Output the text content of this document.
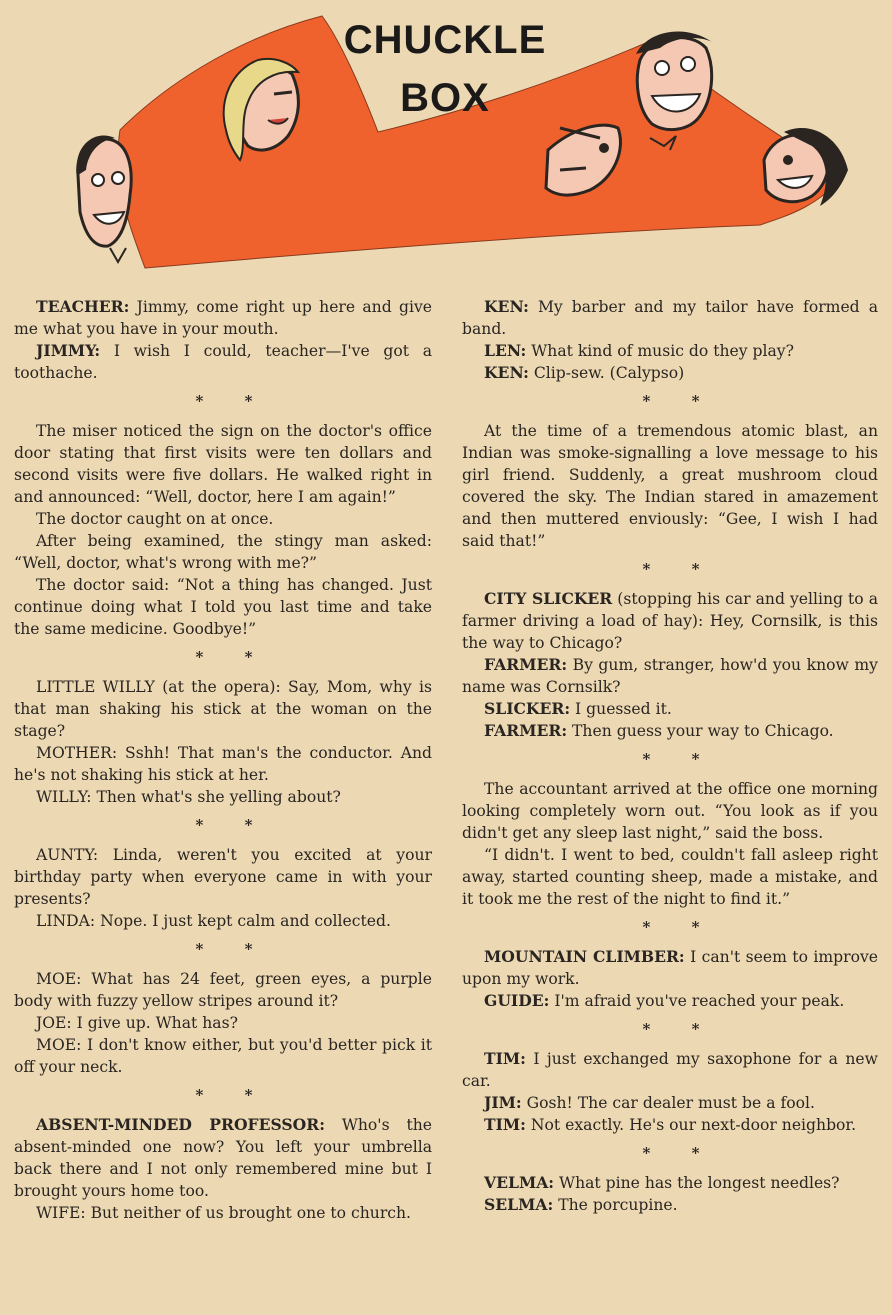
CHUCKLE
BOX

TEACHER: Jimmy, come right up here and give me what you have in your mouth.

JIMMY: I wish I could, teacher—I've got a toothache.

* *

The miser noticed the sign on the doctor's office door stating that first visits were ten dollars and second visits were five dollars. He walked right in and announced: “Well, doctor, here I am again!”

The doctor caught on at once.

After being examined, the stingy man asked: “Well, doctor, what's wrong with me?”

The doctor said: “Not a thing has changed. Just continue doing what I told you last time and take the same medicine. Goodbye!”

* *

LITTLE WILLY (at the opera): Say, Mom, why is that man shaking his stick at the woman on the stage?

MOTHER: Sshh! That man's the conductor. And he's not shaking his stick at her.

WILLY: Then what's she yelling about?

* *

AUNTY: Linda, weren't you excited at your birthday party when everyone came in with your presents?

LINDA: Nope. I just kept calm and collected.

* *

MOE: What has 24 feet, green eyes, a purple body with fuzzy yellow stripes around it?

JOE: I give up. What has?

MOE: I don't know either, but you'd better pick it off your neck.

* *

ABSENT-MINDED PROFESSOR: Who's the absent-minded one now? You left your umbrella back there and I not only remembered mine but I brought yours home too.

WIFE: But neither of us brought one to church.

KEN: My barber and my tailor have formed a band.

LEN: What kind of music do they play?

KEN: Clip-sew. (Calypso)

* *

At the time of a tremendous atomic blast, an Indian was smoke-signalling a love message to his girl friend. Suddenly, a great mushroom cloud covered the sky. The Indian stared in amazement and then muttered enviously: “Gee, I wish I had said that!”

* *

CITY SLICKER (stopping his car and yelling to a farmer driving a load of hay): Hey, Cornsilk, is this the way to Chicago?

FARMER: By gum, stranger, how'd you know my name was Cornsilk?

SLICKER: I guessed it.

FARMER: Then guess your way to Chicago.

* *

The accountant arrived at the office one morning looking completely worn out. “You look as if you didn't get any sleep last night,” said the boss.

“I didn't. I went to bed, couldn't fall asleep right away, started counting sheep, made a mistake, and it took me the rest of the night to find it.”

* *

MOUNTAIN CLIMBER: I can't seem to improve upon my work.

GUIDE: I'm afraid you've reached your peak.

* *

TIM: I just exchanged my saxophone for a new car.

JIM: Gosh! The car dealer must be a fool.

TIM: Not exactly. He's our next-door neighbor.

* *

VELMA: What pine has the longest needles?

SELMA: The porcupine.
